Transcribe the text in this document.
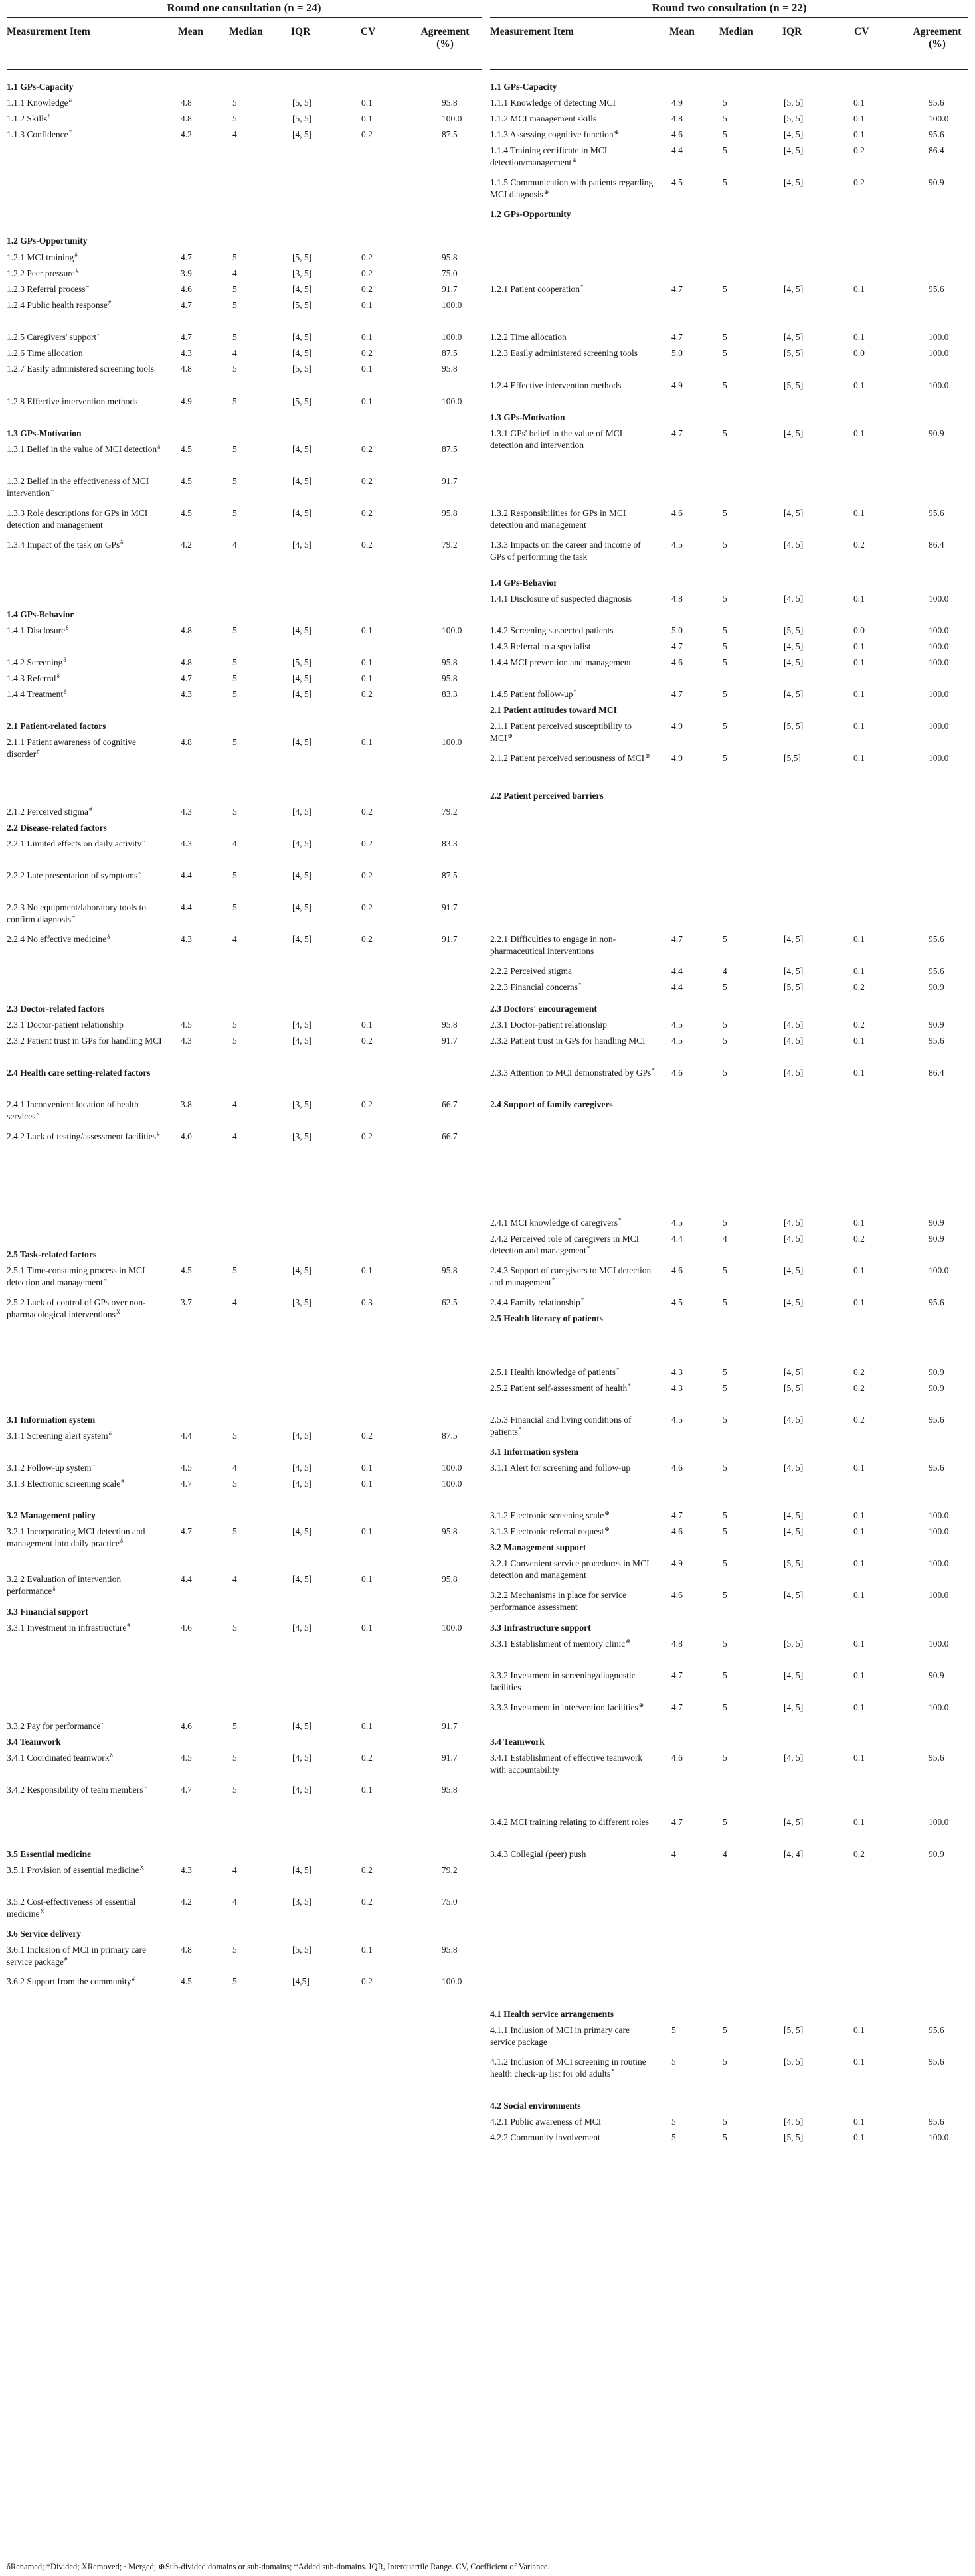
Round one consultation (n = 24)
Measurement Item	Mean	Median	IQR	CV	Agreement (%)
1.1 GPs-Capacity
1.1.1 Knowledge$^\delta$	4.8	5	[5, 5]	0.1	95.8
1.1.2 Skills$^\delta$	4.8	5	[5, 5]	0.1	100.0
1.1.3 Confidence*	4.2	4	[4, 5]	0.2	87.5
1.2 GPs-Opportunity
1.2.1 MCI training#	4.7	5	[5, 5]	0.2	95.8
1.2.2 Peer pressure#	3.9	4	[3, 5]	0.2	75.0
1.2.3 Referral process~	4.6	5	[4, 5]	0.2	91.7
1.2.4 Public health response#	4.7	5	[5, 5]	0.1	100.0
1.2.5 Caregivers' support~	4.7	5	[4, 5]	0.1	100.0
1.2.6 Time allocation	4.3	4	[4, 5]	0.2	87.5
1.2.7 Easily administered screening tools	4.8	5	[5, 5]	0.1	95.8
1.2.8 Effective intervention methods	4.9	5	[5, 5]	0.1	100.0
1.3 GPs-Motivation
1.3.1 Belief in the value of MCI detection$^\delta$ 4.5	5	[4, 5]	0.2	87.5
1.3.2 Belief in the effectiveness of MCI intervention~
4.5	5	[4, 5]	0.2	91.7
1.3.3 Role descriptions for GPs in MCI detection and management
4.5	5	[4, 5]	0.2	95.8
1.3.4 Impact of the task on GPs$^\delta$	4.2	4	[4, 5]	0.2	79.2
1.4 GPs-Behavior
1.4.1 Disclosure$^\delta$	4.8	5	[4, 5]	0.1	100.0
1.4.2 Screening$^\delta$	4.8	5	[5, 5]	0.1	95.8
1.4.3 Referral$^\delta$	4.7	5	[4, 5]	0.1	95.8
1.4.4 Treatment$^\delta$	4.3	5	[4, 5]	0.2	83.3
2.1 Patient-related factors
2.1.1 Patient awareness of cognitive disorder#
4.8	5	[4, 5]	0.1	100.0
2.1.2 Perceived stigma#	4.3	5	[4, 5]	0.2	79.2
2.2 Disease-related factors
2.2.1 Limited effects on daily activity~	4.3	4	[4, 5]	0.2	83.3
2.2.2 Late presentation of symptoms~	4.4	5	[4, 5]	0.2	87.5
2.2.3 No equipment/laboratory tools to confirm diagnosis~
4.4	5	[4, 5]	0.2	91.7
2.2.4 No effective medicine$^\delta$	4.3	4	[4, 5]	0.2	91.7
2.3 Doctor-related factors
2.3.1 Doctor-patient relationship	4.5	5	[4, 5]	0.1	95.8
2.3.2 Patient trust in GPs for handling MCI 4.3	5	[4, 5]	0.2	91.7
2.4 Health care setting-related factors
2.4.1 Inconvenient location of health services~
3.8	4	[3, 5]	0.2	66.7
2.4.2 Lack of testing/assessment facilities#	4.0	4	[3, 5]	0.2	66.7
2.5 Task-related factors
2.5.1 Time-consuming process in MCI detection and management~
4.5	5	[4, 5]	0.1	95.8
2.5.2 Lack of control of GPs over non-pharmacological interventions$^X$
3.7	4	[3, 5]	0.3	62.5
3.1 Information system
3.1.1 Screening alert system$^\delta$	4.4	5	[4, 5]	0.2	87.5
3.1.2 Follow-up system~	4.5	4	[4, 5]	0.1	100.0
3.1.3 Electronic screening scale#	4.7	5	[4, 5]	0.1	100.0
3.2 Management policy
3.2.1 Incorporating MCI detection and management into daily practice$^\delta$
4.7	5	[4, 5]	0.1	95.8
3.2.2 Evaluation of intervention performance$^\delta$
4.4	4	[4, 5]	0.1	95.8
3.3 Financial support
3.3.1 Investment in infrastructure#	4.6	5	[4, 5]	0.1	100.0
3.3.2 Pay for performance~	4.6	5	[4, 5]	0.1	91.7
3.4 Teamwork
3.4.1 Coordinated teamwork$^\delta$	4.5	5	[4, 5]	0.2	91.7
3.4.2 Responsibility of team members~	4.7	5	[4, 5]	0.1	95.8
3.5 Essential medicine
3.5.1 Provision of essential medicine$^X$	4.3	4	[4, 5]	0.2	79.2
3.5.2 Cost-effectiveness of essential medicine$^X$
4.2	4	[3, 5]	0.2	75.0
3.6 Service delivery
3.6.1 Inclusion of MCI in primary care service package#
4.8	5	[5, 5]	0.1	95.8
3.6.2 Support from the community#	4.5	5	[4,5]	0.2	100.0
Round two consultation (n = 22)
Measurement Item	Mean Median	IQR	CV	Agreement (%)
1.1 GPs-Capacity
1.1.1 Knowledge of detecting MCI	4.9	5	[5, 5]	0.1	95.6
1.1.2 MCI management skills	4.8	5	[5, 5]	0.1	100.0
1.1.3 Assessing cognitive function⊕	4.6	5	[4, 5]	0.1	95.6
1.1.4 Training certificate in MCI detection/management⊕
4.4	5	[4, 5]	0.2	86.4
1.1.5 Communication with patients regarding MCI diagnosis⊕
4.5	5	[4, 5]	0.2	90.9
1.2 GPs-Opportunity
1.2.1 Patient cooperation*	4.7	5	[4, 5]	0.1	95.6
1.2.2 Time allocation	4.7	5	[4, 5]	0.1	100.0
1.2.3 Easily administered screening tools	5.0	5	[5, 5]	0.0	100.0
1.2.4 Effective intervention methods	4.9	5	[5, 5]	0.1	100.0
1.3 GPs-Motivation
1.3.1 GPs' belief in the value of MCI detection and intervention
4.7	5	[4, 5]	0.1	90.9
1.3.2 Responsibilities for GPs in MCI detection and management
4.6	5	[4, 5]	0.1	95.6
1.3.3 Impacts on the career and income of GPs of performing the task
4.5	5	[4, 5]	0.2	86.4
1.4 GPs-Behavior
1.4.1 Disclosure of suspected diagnosis	4.8	5	[4, 5]	0.1	100.0
1.4.2 Screening suspected patients	5.0	5	[5, 5]	0.0	100.0
1.4.3 Referral to a specialist	4.7	5	[4, 5]	0.1	100.0
1.4.4 MCI prevention and management	4.6	5	[4, 5]	0.1	100.0
1.4.5 Patient follow-up*	4.7	5	[4, 5]	0.1	100.0
2.1 Patient attitudes toward MCI
2.1.1 Patient perceived susceptibility to MCI⊕
4.9	5	[5, 5]	0.1	100.0
2.1.2 Patient perceived seriousness of MCI⊕	4.9	5	[5,5]	0.1	100.0
2.2 Patient perceived barriers
2.2.1 Difficulties to engage in non-pharmaceutical interventions
4.7	5	[4, 5]	0.1	95.6
2.2.2 Perceived stigma	4.4	4	[4, 5]	0.1	95.6
2.2.3 Financial concerns*	4.4	5	[5, 5]	0.2	90.9
2.3 Doctors' encouragement
2.3.1 Doctor-patient relationship	4.5	5	[4, 5]	0.2	90.9
2.3.2 Patient trust in GPs for handling MCI	4.5	5	[4, 5]	0.1	95.6
2.3.3 Attention to MCI demonstrated by GPs* 4.6	5	[4, 5]	0.1	86.4
2.4 Support of family caregivers
2.4.1 MCI knowledge of caregivers*	4.5	5	[4, 5]	0.1	90.9
2.4.2 Perceived role of caregivers in MCI detection and management*
4.4	4	[4, 5]	0.2	90.9
2.4.3 Support of caregivers to MCI detection and management*
4.6	5	[4, 5]	0.1	100.0
2.4.4 Family relationship*	4.5	5	[4, 5]	0.1	95.6
2.5 Health literacy of patients
2.5.1 Health knowledge of patients*	4.3	5	[4, 5]	0.2	90.9
2.5.2 Patient self-assessment of health*	4.3	5	[5, 5]	0.2	90.9
2.5.3 Financial and living conditions of patients*
4.5	5	[4, 5]	0.2	95.6
3.1 Information system
3.1.1 Alert for screening and follow-up	4.6	5	[4, 5]	0.1	95.6
3.1.2 Electronic screening scale⊕	4.7	5	[4, 5]	0.1	100.0
3.1.3 Electronic referral request⊕	4.6	5	[4, 5]	0.1	100.0
3.2 Management support
3.2.1 Convenient service procedures in MCI detection and management
4.9	5	[5, 5]	0.1	100.0
3.2.2 Mechanisms in place for service performance assessment
4.6	5	[4, 5]	0.1	100.0
3.3 Infrastructure support
3.3.1 Establishment of memory clinic⊕	4.8	5	[5, 5]	0.1	100.0
3.3.2 Investment in screening/diagnostic facilities
4.7	5	[4, 5]	0.1	90.9
3.3.3 Investment in intervention facilities⊕	4.7	5	[4, 5]	0.1	100.0
3.4 Teamwork
3.4.1 Establishment of effective teamwork with accountability
4.6	5	[4, 5]	0.1	95.6
3.4.2 MCI training relating to different roles	4.7	5	[4, 5]	0.1	100.0
3.4.3 Collegial (peer) push	4	4	[4, 4]	0.2	90.9
4.1 Health service arrangements
4.1.1 Inclusion of MCI in primary care service package
5	5	[5, 5]	0.1	95.6
4.1.2 Inclusion of MCI screening in routine health check-up list for old adults*
5	5	[5, 5]	0.1	95.6
4.2 Social environments
4.2.1 Public awareness of MCI	5	5	[4, 5]	0.1	95.6
4.2.2 Community involvement	5	5	[5, 5]	0.1	100.0
δRenamed; *Divided; XRemoved; ~Merged; ⊕Sub-divided domains or sub-domains; *Added sub-domains. IQR, Interquartile Range. CV, Coefficient of Variance.
